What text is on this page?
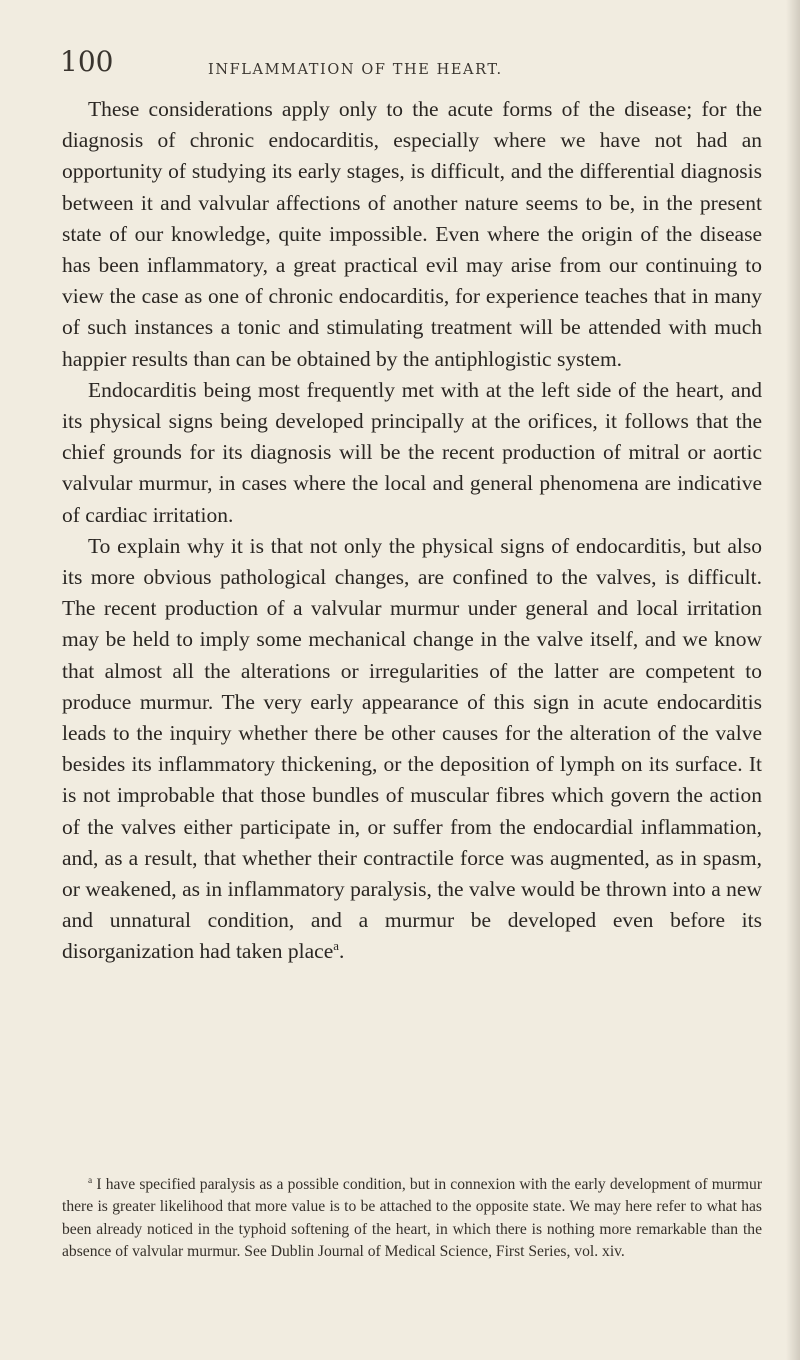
100	INFLAMMATION OF THE HEART.

These considerations apply only to the acute forms of the disease; for the diagnosis of chronic endocarditis, especially where we have not had an opportunity of studying its early stages, is difficult, and the differential diagnosis between it and valvular affections of another nature seems to be, in the present state of our knowledge, quite impossible. Even where the origin of the disease has been inflammatory, a great practical evil may arise from our continuing to view the case as one of chronic endocarditis, for experience teaches that in many of such instances a tonic and stimulating treatment will be attended with much happier results than can be obtained by the antiphlogistic system.

Endocarditis being most frequently met with at the left side of the heart, and its physical signs being developed principally at the orifices, it follows that the chief grounds for its diagnosis will be the recent production of mitral or aortic valvular murmur, in cases where the local and general phenomena are indicative of cardiac irritation.

To explain why it is that not only the physical signs of endocarditis, but also its more obvious pathological changes, are confined to the valves, is difficult. The recent production of a valvular murmur under general and local irritation may be held to imply some mechanical change in the valve itself, and we know that almost all the alterations or irregularities of the latter are competent to produce murmur. The very early appearance of this sign in acute endocarditis leads to the inquiry whether there be other causes for the alteration of the valve besides its inflammatory thickening, or the deposition of lymph on its surface. It is not improbable that those bundles of muscular fibres which govern the action of the valves either participate in, or suffer from the endocardial inflammation, and, as a result, that whether their contractile force was augmented, as in spasm, or weakened, as in inflammatory paralysis, the valve would be thrown into a new and unnatural condition, and a murmur be developed even before its disorganization had taken place$^a$.

$^a$ I have specified paralysis as a possible condition, but in connexion with the early development of murmur there is greater likelihood that more value is to be attached to the opposite state. We may here refer to what has been already noticed in the typhoid softening of the heart, in which there is nothing more remarkable than the absence of valvular murmur. See Dublin Journal of Medical Science, First Series, vol. xiv.
